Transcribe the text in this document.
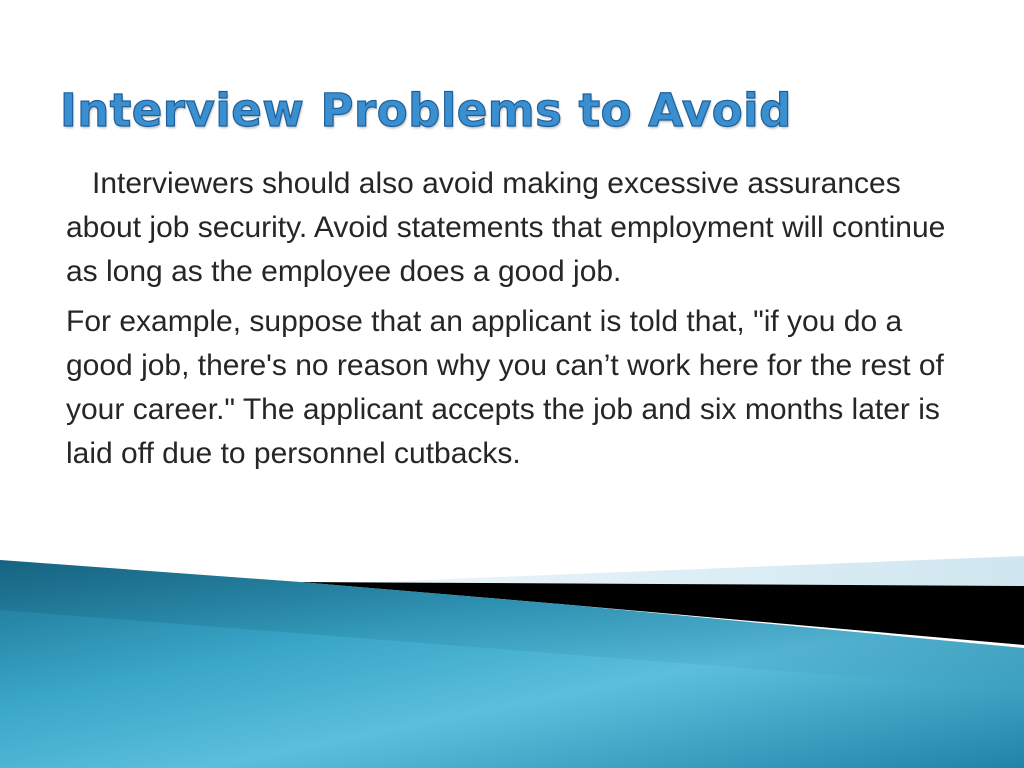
Interview Problems to Avoid

Interviewers should also avoid making excessive assurances about job security. Avoid statements that employment will continue as long as the employee does a good job.

For example, suppose that an applicant is told that, "if you do a good job, there's no reason why you can’t work here for the rest of your career." The applicant accepts the job and six months later is laid off due to personnel cutbacks.
